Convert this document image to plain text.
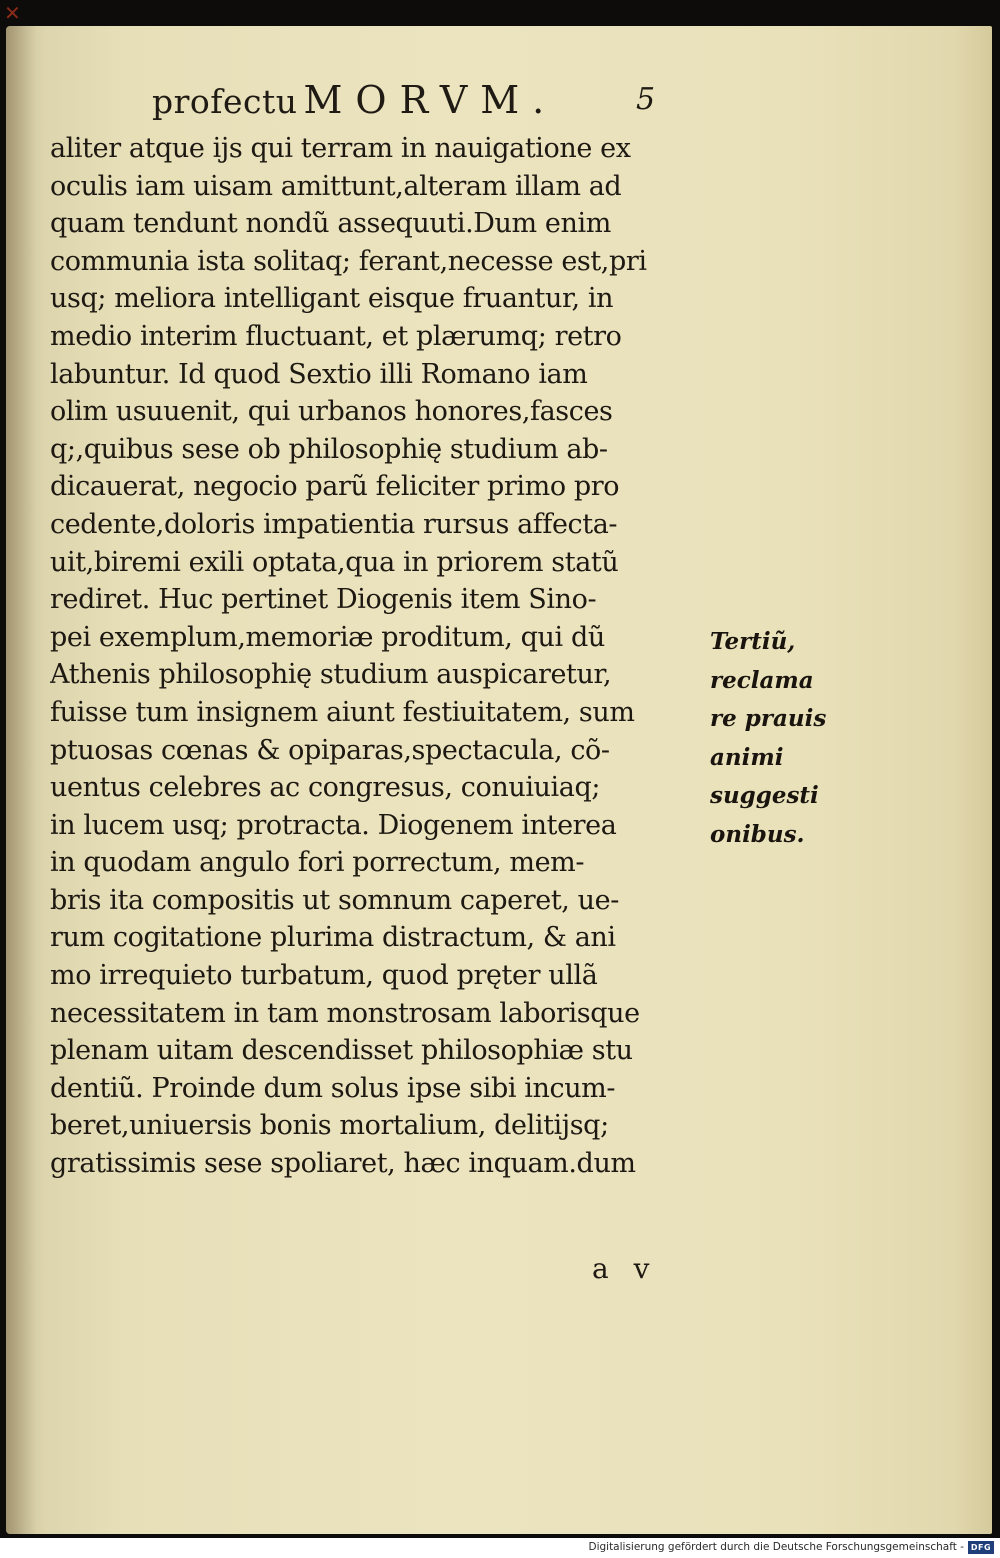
✕
profectu MORVM.	5
aliter atque ijs qui terram in nauigatione ex
oculis iam uisam amittunt,alteram illam ad
quam tendunt nondũ assequuti.Dum enim
communia ista solitaq; ferant,necesse est,pri
usq; meliora intelligant eisque fruantur, in
medio interim fluctuant, et plærumq; retro
labuntur. Id quod Sextio illi Romano iam
olim usuuenit, qui urbanos honores,fasces
q;,quibus sese ob philosophię studium ab-
dicauerat, negocio parũ feliciter primo pro
cedente,doloris impatientia rursus affecta-
uit,biremi exili optata,qua in priorem statũ
rediret. Huc pertinet Diogenis item Sino-
pei exemplum,memoriæ proditum, qui dũ
Athenis philosophię studium auspicaretur,
fuisse tum insignem aiunt festiuitatem, sum
ptuosas cœnas & opiparas,spectacula, cõ-
uentus celebres ac congresus, conuiuiaq;
in lucem usq; protracta. Diogenem interea
in quodam angulo fori porrectum, mem-
bris ita compositis ut somnum caperet, ue-
rum cogitatione plurima distractum, & ani
mo irrequieto turbatum, quod pręter ullã
necessitatem in tam monstrosam laborisque
plenam uitam descendisset philosophiæ stu
dentiũ. Proinde dum solus ipse sibi incum-
beret,uniuersis bonis mortalium, delitijsq;
gratissimis sese spoliaret, hæc inquam.dum
Tertiũ,
reclama
re prauis
animi
suggesti
onibus.
a v
Digitalisierung gefördert durch die Deutsche Forschungsgemeinschaft - DFG
